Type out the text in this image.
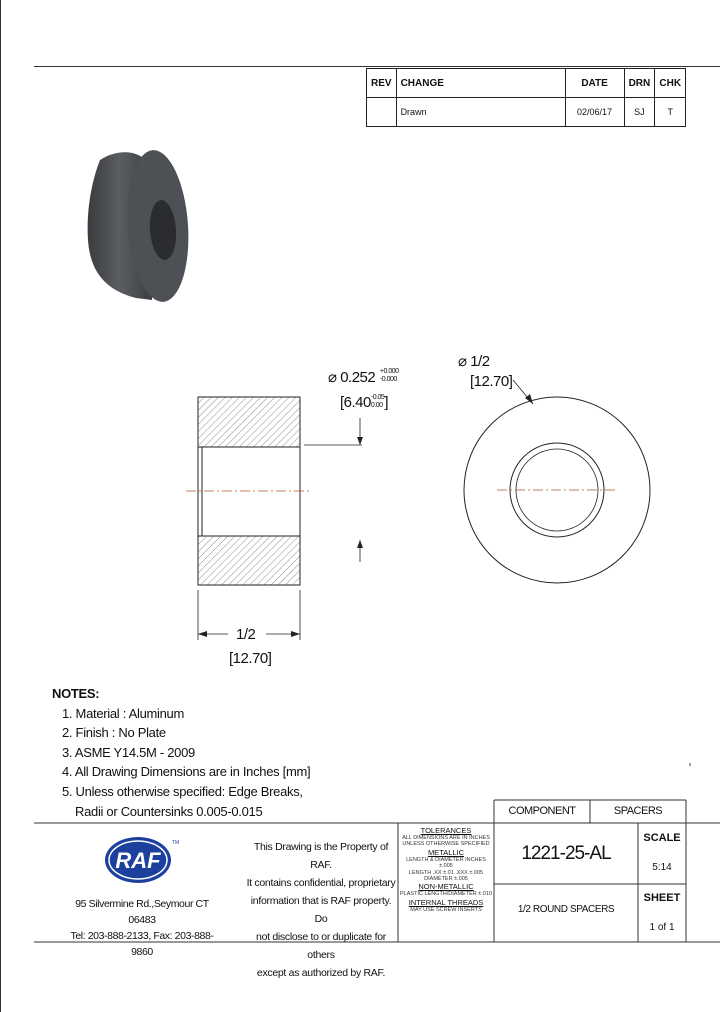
REV	CHANGE	DATE	DRN	CHK
	Drawn	02/06/17	SJ	T
⌀ 0.252 +0.000
-0.000
[6.40-0.05
0.00 ]
⌀ 1/2
[12.70]
1/2
[12.70]
NOTES:
1. Material : Aluminum
2. Finish : No Plate
3. ASME Y14.5M - 2009
4. All Drawing Dimensions are in Inches [mm]
5. Unless otherwise specified: Edge Breaks,
Radii or Countersinks 0.005-0.015
RAF
TM
95 Silvermine Rd.,Seymour CT 06483
Tel: 203-888-2133, Fax: 203-888-9860
This Drawing is the Property of RAF.
It contains confidential, proprietary
information that is RAF property. Do
not disclose to or duplicate for others
except as authorized by RAF.
TOLERANCES
ALL DIMENSIONS ARE IN INCHES
UNLESS OTHERWISE SPECIFIED
METALLIC
LENGTH & DIAMETER INCHES ±.005
LENGTH .XX ±.01 .XXX ±.005
DIAMETER ±.005
NON-METALLIC
PLASTIC LENGTH/DIAMETER ±.010
INTERNAL THREADS
MAY USE SCREW INSERTS
COMPONENT	SPACERS
1221-25-AL
1/2 ROUND SPACERS
SCALE
5:14
SHEET
1 of 1
